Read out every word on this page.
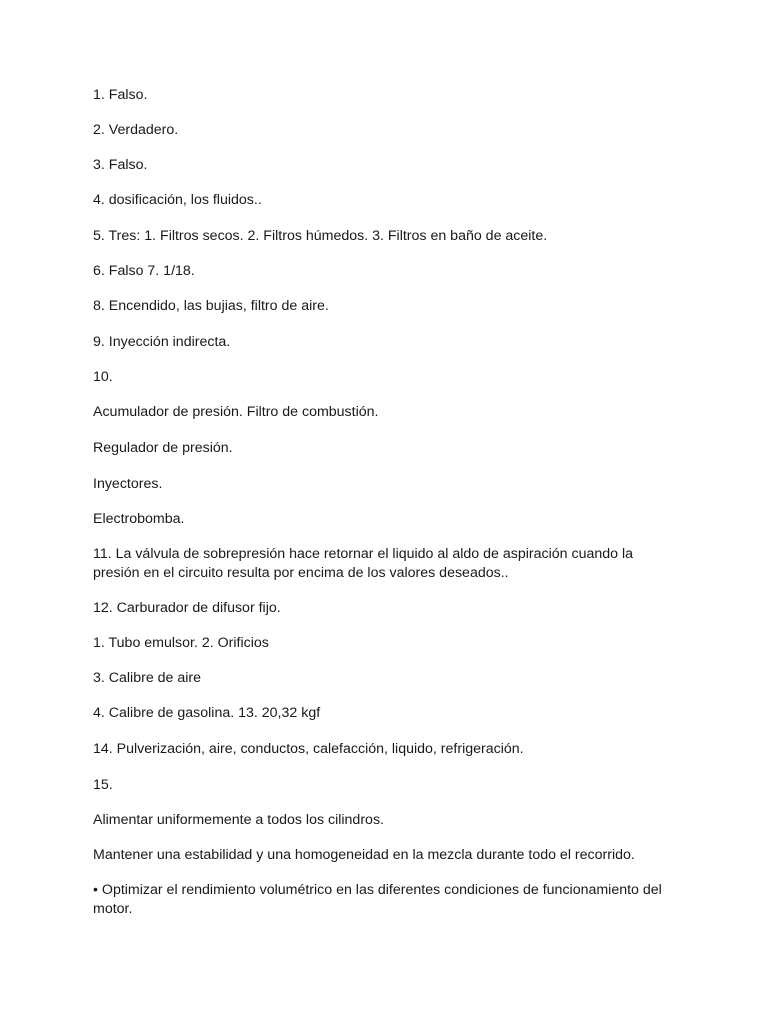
1. Falso.

2. Verdadero.

3. Falso.

4. dosificación, los fluidos..

5. Tres: 1. Filtros secos. 2. Filtros húmedos. 3. Filtros en baño de aceite.

6. Falso 7. 1/18.

8. Encendido, las bujias, filtro de aire.

9. Inyección indirecta.

10.

Acumulador de presión. Filtro de combustión.

Regulador de presión.

Inyectores.

Electrobomba.

11. La válvula de sobrepresión hace retornar el liquido al aldo de aspiración cuando la presión en el circuito resulta por encima de los valores deseados..

12. Carburador de difusor fijo.

1. Tubo emulsor. 2. Orificios

3. Calibre de aire

4. Calibre de gasolina. 13. 20,32 kgf

14. Pulverización, aire, conductos, calefacción, liquido, refrigeración.

15.

Alimentar uniformemente a todos los cilindros.

Mantener una estabilidad y una homogeneidad en la mezcla durante todo el recorrido.

• Optimizar el rendimiento volumétrico en las diferentes condiciones de funcionamiento del motor.
